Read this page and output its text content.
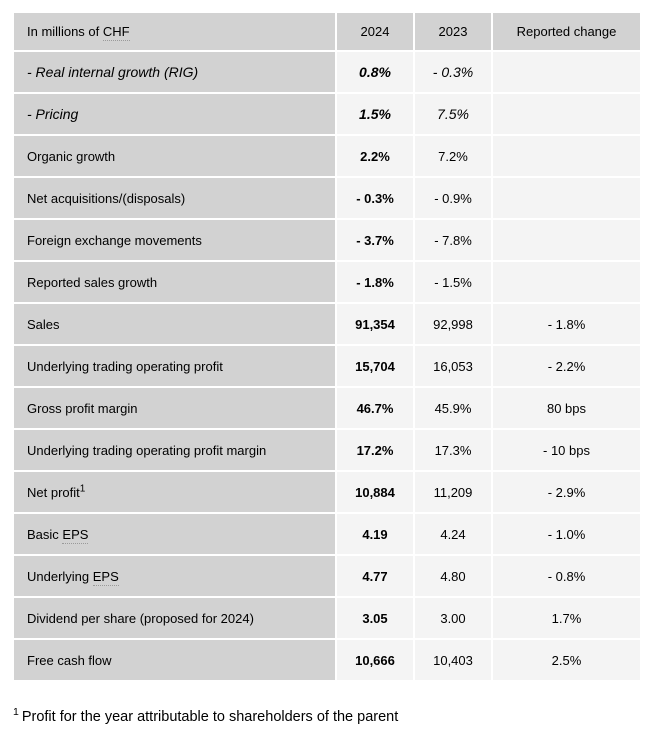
In millions of CHF	2024	2023	Reported change
- Real internal growth (RIG)	0.8%	- 0.3%	
- Pricing	1.5%	7.5%	
Organic growth	2.2%	7.2%	
Net acquisitions/(disposals)	- 0.3%	- 0.9%	
Foreign exchange movements	- 3.7%	- 7.8%	
Reported sales growth	- 1.8%	- 1.5%	
Sales	91,354	92,998	- 1.8%
Underlying trading operating profit	15,704	16,053	- 2.2%
Gross profit margin	46.7%	45.9%	80 bps
Underlying trading operating profit margin	17.2%	17.3%	- 10 bps
Net profit$^1$	10,884	11,209	- 2.9%
Basic EPS	4.19	4.24	- 1.0%
Underlying EPS	4.77	4.80	- 0.8%
Dividend per share (proposed for 2024)	3.05	3.00	1.7%
Free cash flow	10,666	10,403	2.5%

$^1$ Profit for the year attributable to shareholders of the parent
